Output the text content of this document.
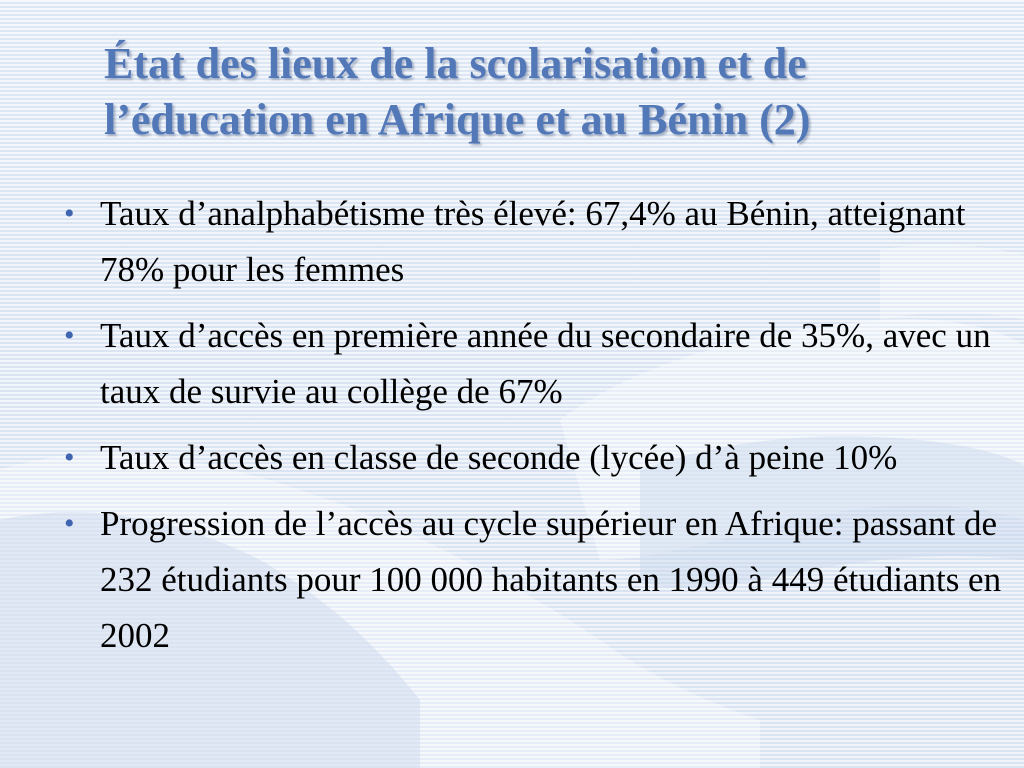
État des lieux de la scolarisation et de l’éducation en Afrique et au Bénin (2)
• Taux d’analphabétisme très élevé: 67,4% au Bénin, atteignant 78% pour les femmes
• Taux d’accès en première année du secondaire de 35%, avec un taux de survie au collège de 67%
• Taux d’accès en classe de seconde (lycée) d’à peine 10%
• Progression de l’accès au cycle supérieur en Afrique: passant de 232 étudiants pour 100 000 habitants en 1990 à 449 étudiants en 2002
